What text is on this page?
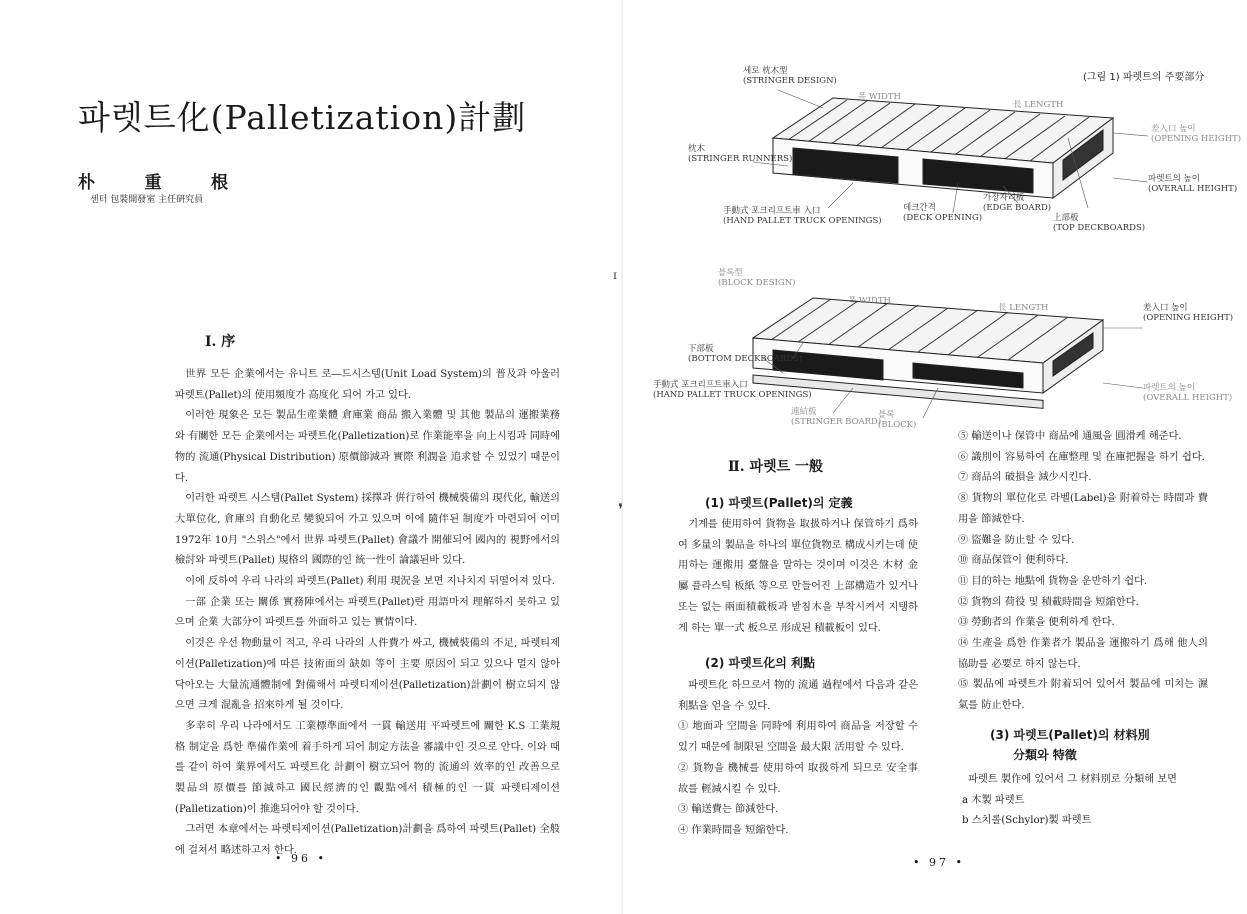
파렛트化(Palletization)計劃
朴	重	根
센터 包裝開發室 主任硏究員
Ⅰ. 序

世界 모든 企業에서는 유니트 로―드시스템(Unit Load System)의 普及과 아울러 파렛트(Pallet)의 使用頻度가 高度化 되어 가고 있다.

이러한 現象은 모든 製品生産業體 倉庫業 商品 搬入業體 및 其他 製品의 運搬業務와 有關한 모든 企業에서는 파렛트化(Palletization)로 作業能率을 向上시킴과 同時에 物的 流通(Physical Distribution) 原價節減과 實際 利潤을 追求할 수 있었기 때문이다.

이러한 파렛트 시스템(Pallet System) 採擇과 倂行하여 機械裝備의 現代化, 輸送의 大單位化, 倉庫의 自動化로 變貌되어 가고 있으며 이에 隨伴된 制度가 마련되어 이미 1972年 10月 "스위스"에서 世界 파렛트(Pallet) 會議가 開催되어 國內的 視野에서의 檢討와 파렛트(Pallet) 規格의 國際的인 統一性이 論議된바 있다.

이에 反하여 우리 나라의 파렛트(Pallet) 利用 現況을 보면 지나치지 뒤떨어져 있다.

一部 企業 또는 關係 實務陣에서는 파렛트(Pallet)란 用語마저 理解하지 못하고 있으며 企業 大部分이 파렛트를 外面하고 있는 實情이다.

이것은 우선 物動量이 적고, 우리 나라의 人件費가 싸고, 機械裝備의 不足, 파렛티제이션(Palletization)에 따른 技術面의 缺如 等이 主要 原因이 되고 있으나 멀지 않아 닥아오는 大量流通體制에 對備해서 파렛티제이션(Palletization)計劃이 樹立되지 않으면 크게 混亂을 招來하게 될 것이다.

多幸히 우리 나라에서도 工業標準面에서 一貫 輸送用 平파렛트에 關한 K.S 工業規格 制定을 爲한 準備作業에 着手하게 되어 制定方法을 審議中인 것으로 안다. 이와 때를 같이 하여 業界에서도 파렛트化 計劃이 樹立되어 物的 流通의 效率的인 改善으로 製品의 原價를 節減하고 國民經濟的인 觀點에서 積極的인 一貫 파렛티제이션(Palletization)이 推進되어야 할 것이다.

그러면 本章에서는 파렛티제이션(Palletization)計劃을 爲하여 파렛트(Pallet) 全般에 걸쳐서 略述하고저 한다.

• 96 •
ɪ
❜
(그림 1) 파렛트의 주要部分
세로 枕木型
(STRINGER DESIGN)
폭 WIDTH
長 LENGTH
枕木
(STRINGER RUNNERS)
差入口 높이
(OPENING HEIGHT)
파렛트의 높이
(OVERALL HEIGHT)
手動式 포크리프트車 入口
(HAND PALLET TRUCK OPENINGS)
데크간격
(DECK OPENING)
가장자리板
(EDGE BOARD)
上部板
(TOP DECKBOARDS)
블록型
(BLOCK DESIGN)
폭 WIDTH
長 LENGTH	差入口 높이
(OPENING HEIGHT)
下部板
(BOTTOM DECKBOARDS)
手動式 포크리프트車入口
(HAND PALLET TRUCK OPENINGS)
連結板
(STRINGER BOARD)
블록
(BLOCK)
파렛트의 높이
(OVERALL HEIGHT)
Ⅱ. 파렛트 一般
(1) 파렛트(Pallet)의 定義

기계를 使用하여 貨物을 取扱하거나 保管하기 爲하여 多量의 製品을 하나의 單位貨物로 構成시키는데 使用하는 運搬用 臺盤을 말하는 것이며 이것은 木材 金屬 플라스틱 板紙 等으로 만들어진 上部構造가 있거나 또는 없는 兩面積載板과 받침木을 부착시켜서 지탱하게 하는 單一式 板으로 形成된 積載板이 있다.

(2) 파렛트化의 利點

파렛트化 하므로서 物的 流通 過程에서 다음과 같은 利點을 얻을 수 있다.

① 地面과 空間을 同時에 利用하여 商品을 저장할 수 있기 때문에 制限된 空間을 最大限 活用할 수 있다.

② 貨物을 機械를 使用하여 取扱하게 되므로 安全事故를 輕減시킬 수 있다.

③ 輸送費는 節減한다.

④ 作業時間을 短縮한다.

⑤ 輸送이나 保管中 商品에 通風을 圓滑케 해준다.

⑥ 識別이 容易하여 在庫整理 및 在庫把握을 하기 쉽다.

⑦ 商品의 破損을 減少시킨다.

⑧ 貨物의 單位化로 라벨(Label)을 附着하는 時間과 費用을 節減한다.

⑨ 盜難을 防止할 수 있다.

⑩ 商品保管이 便利하다.

⑪ 目的하는 地點에 貨物을 운반하기 쉽다.

⑫ 貨物의 荷役 및 積載時間을 短縮한다.

⑬ 勞動者의 作業을 便利하게 한다.

⑭ 生產을 爲한 作業者가 製品을 運搬하기 爲해 他人의 協助를 必要로 하지 않는다.

⑮ 製品에 파렛트가 附着되어 있어서 製品에 미치는 濕氣를 防止한다.

(3) 파렛트(Pallet)의 材料別
分類와 特徵

파렛트 製作에 있어서 그 材料別로 分類해 보면

a 木製 파렛트

b 스치롤(Schylor)製 파렛트

• 97 •
